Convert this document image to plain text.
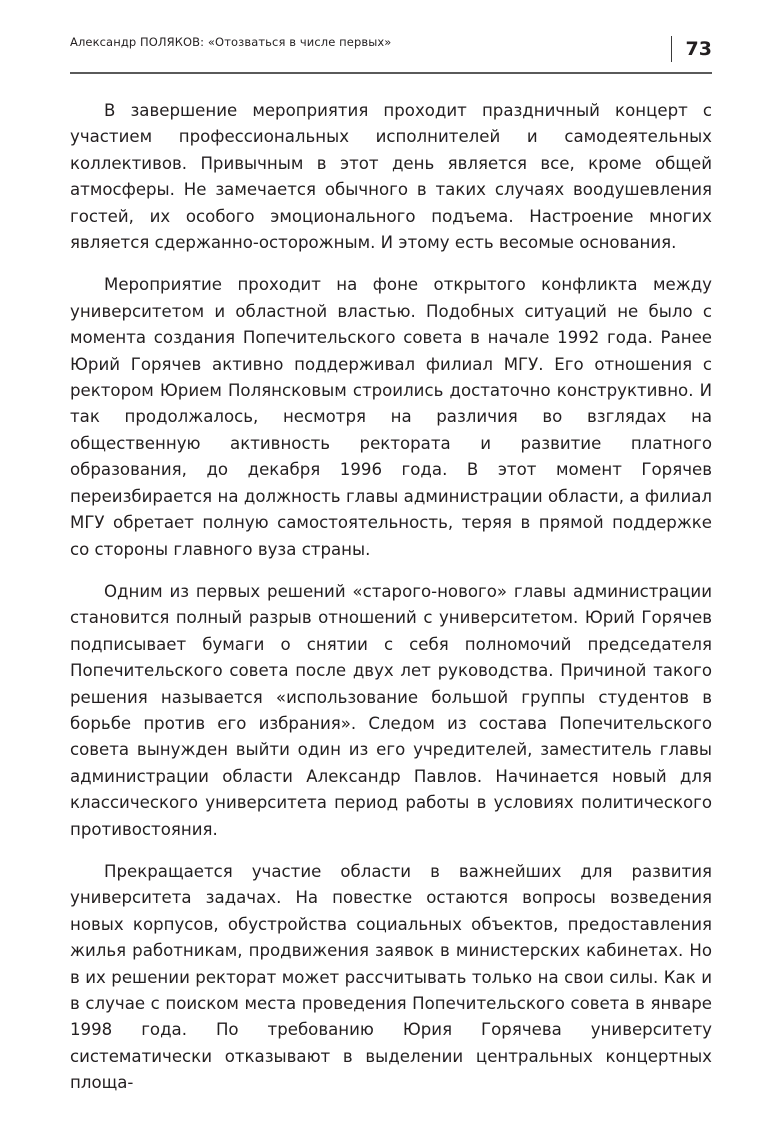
Александр ПОЛЯКОВ: «Отозваться в числе первых»	73

В завершение мероприятия проходит праздничный концерт с участием профессиональных исполнителей и самодеятельных коллективов. Привычным в этот день является все, кроме общей атмосферы. Не замечается обычного в таких случаях воодушевления гостей, их особого эмоционального подъема. Настроение многих является сдержанно-осторожным. И этому есть весомые основания.

Мероприятие проходит на фоне открытого конфликта между университетом и областной властью. Подобных ситуаций не было с момента создания Попечительского совета в начале 1992 года. Ранее Юрий Горячев активно поддерживал филиал МГУ. Его отношения с ректором Юрием Полянсковым строились достаточно конструктивно. И так продолжалось, несмотря на различия во взглядах на общественную активность ректората и развитие платного образования, до декабря 1996 года. В этот момент Горячев переизбирается на должность главы администрации области, а филиал МГУ обретает полную самостоятельность, теряя в прямой поддержке со стороны главного вуза страны.

Одним из первых решений «старого-нового» главы администрации становится полный разрыв отношений с университетом. Юрий Горячев подписывает бумаги о снятии с себя полномочий председателя Попечительского совета после двух лет руководства. Причиной такого решения называется «использование большой группы студентов в борьбе против его избрания». Следом из состава Попечительского совета вынужден выйти один из его учредителей, заместитель главы администрации области Александр Павлов. Начинается новый для классического университета период работы в условиях политического противостояния.

Прекращается участие области в важнейших для развития университета задачах. На повестке остаются вопросы возведения новых корпусов, обустройства социальных объектов, предоставления жилья работникам, продвижения заявок в министерских кабинетах. Но в их решении ректорат может рассчитывать только на свои силы. Как и в случае с поиском места проведения Попечительского совета в январе 1998 года. По требованию Юрия Горячева университету систематически отказывают в выделении центральных концертных площа-
